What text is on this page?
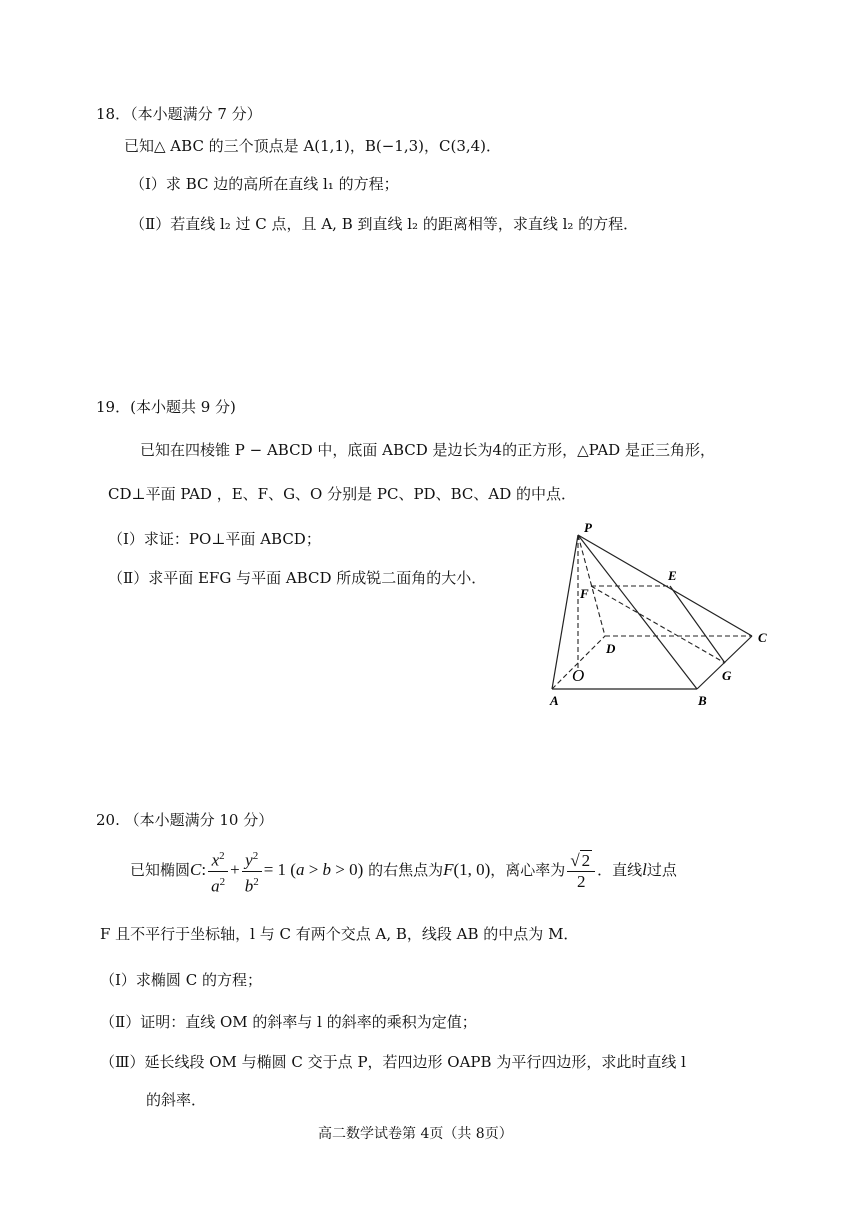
18．（本小题满分 7 分）
已知△ ABC 的三个顶点是 A(1,1)，B(−1,3)，C(3,4)．
（Ⅰ）求 BC 边的高所在直线 l₁ 的方程；
（Ⅱ）若直线 l₂ 过 C 点，且 A, B 到直线 l₂ 的距离相等，求直线 l₂ 的方程．
19．(本小题共 9 分)
已知在四棱锥 P − ABCD 中，底面 ABCD 是边长为4的正方形，△PAD 是正三角形，
CD⊥平面 PAD ，E、F、G、O 分别是 PC、PD、BC、AD 的中点．
（Ⅰ）求证：PO⊥平面 ABCD；
（Ⅱ）求平面 EFG 与平面 ABCD 所成锐二面角的大小．
P
E
F
C
D
O	G
A	B
20. （本小题满分 10 分）
已知椭圆C: $\frac{x^2}{a^2} + \frac{y^2}{b^2} = 1$ (a > b > 0) 的右焦点为F(1, 0)，离心率为 $\frac{√ 2}{2}$ ．直线l过点
F 且不平行于坐标轴，l 与 C 有两个交点 A, B，线段 AB 的中点为 M．
（Ⅰ）求椭圆 C 的方程；
（Ⅱ）证明：直线 OM 的斜率与 l 的斜率的乘积为定值；
（Ⅲ）延长线段 OM 与椭圆 C 交于点 P，若四边形 OAPB 为平行四边形，求此时直线 l
的斜率．
高二数学试卷第 4页（共 8页）
